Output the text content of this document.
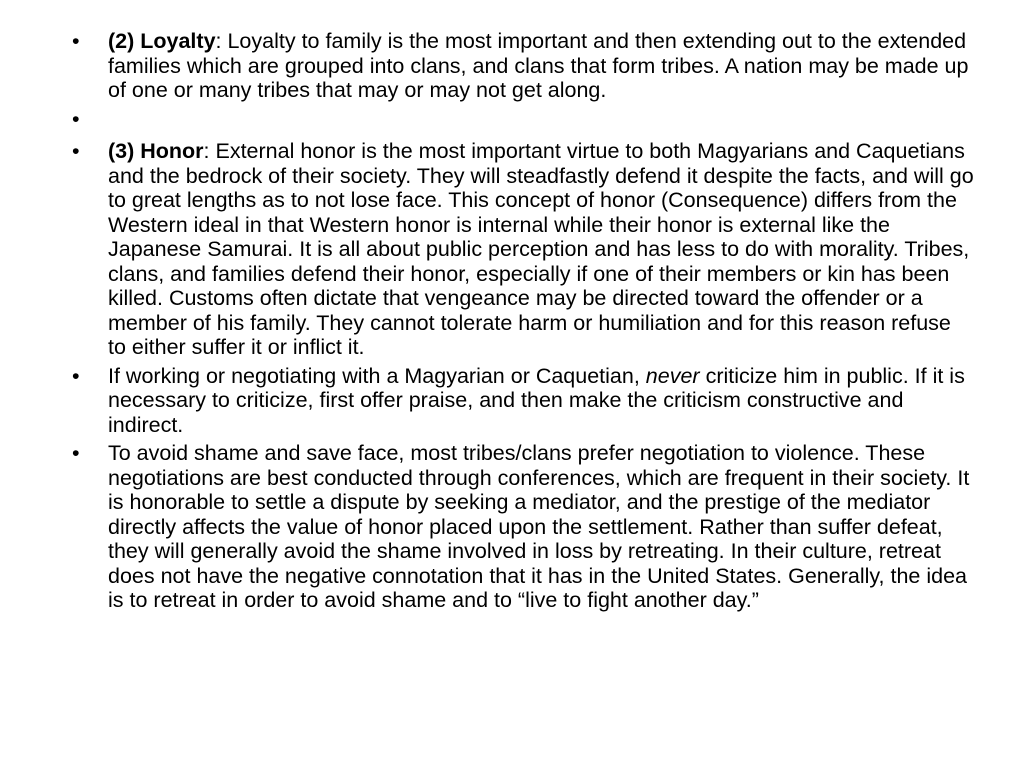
• (2) Loyalty: Loyalty to family is the most important and then extending out to the extended families which are grouped into clans, and clans that form tribes. A nation may be made up of one or many tribes that may or may not get along.
•
• (3) Honor: External honor is the most important virtue to both Magyarians and Caquetians and the bedrock of their society. They will steadfastly defend it despite the facts, and will go to great lengths as to not lose face. This concept of honor (Consequence) differs from the Western ideal in that Western honor is internal while their honor is external like the Japanese Samurai. It is all about public perception and has less to do with morality. Tribes, clans, and families defend their honor, especially if one of their members or kin has been killed. Customs often dictate that vengeance may be directed toward the offender or a member of his family. They cannot tolerate harm or humiliation and for this reason refuse to either suffer it or inflict it.
• If working or negotiating with a Magyarian or Caquetian, never criticize him in public. If it is necessary to criticize, first offer praise, and then make the criticism constructive and indirect.
• To avoid shame and save face, most tribes/clans prefer negotiation to violence. These negotiations are best conducted through conferences, which are frequent in their society. It is honorable to settle a dispute by seeking a mediator, and the prestige of the mediator directly affects the value of honor placed upon the settlement. Rather than suffer defeat, they will generally avoid the shame involved in loss by retreating. In their culture, retreat does not have the negative connotation that it has in the United States. Generally, the idea is to retreat in order to avoid shame and to “live to fight another day.”
